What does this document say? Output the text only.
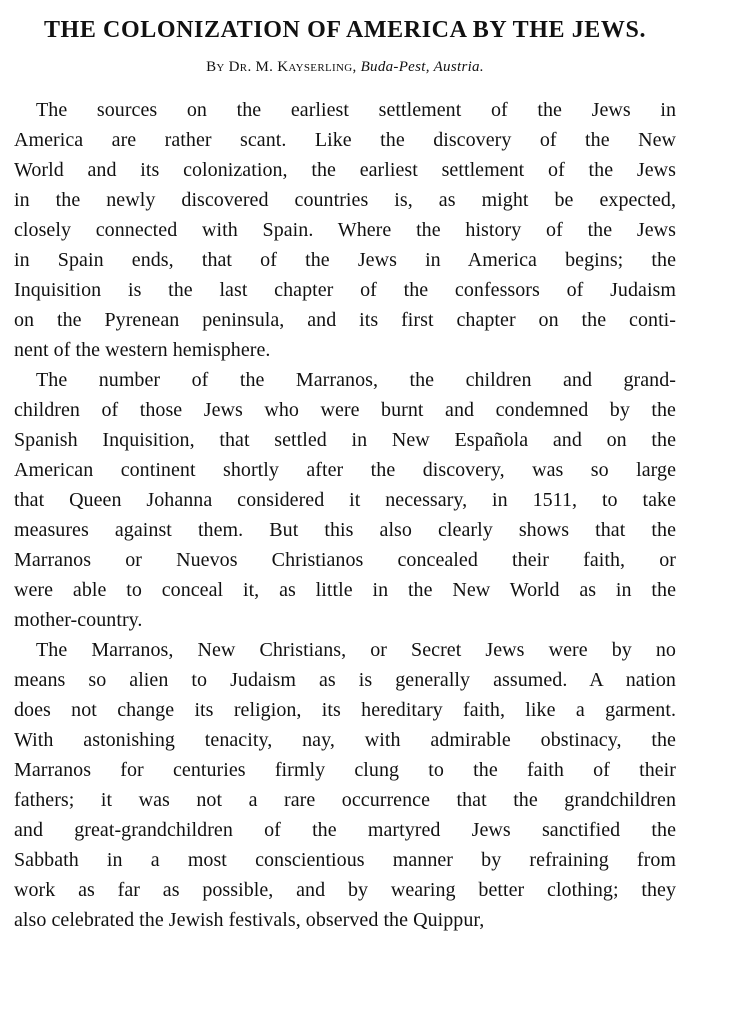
THE COLONIZATION OF AMERICA BY THE JEWS.

By Dr. M. Kayserling, Buda-Pest, Austria.

The sources on the earliest settlement of the Jews in
America are rather scant. Like the discovery of the New
World and its colonization, the earliest settlement of the Jews
in the newly discovered countries is, as might be expected,
closely connected with Spain. Where the history of the Jews
in Spain ends, that of the Jews in America begins; the
Inquisition is the last chapter of the confessors of Judaism
on the Pyrenean peninsula, and its first chapter on the conti-
nent of the western hemisphere.

The number of the Marranos, the children and grand-
children of those Jews who were burnt and condemned by the
Spanish Inquisition, that settled in New Española and on the
American continent shortly after the discovery, was so large
that Queen Johanna considered it necessary, in 1511, to take
measures against them. But this also clearly shows that the
Marranos or Nuevos Christianos concealed their faith, or
were able to conceal it, as little in the New World as in the
mother-country.

The Marranos, New Christians, or Secret Jews were by no
means so alien to Judaism as is generally assumed. A nation
does not change its religion, its hereditary faith, like a garment.
With astonishing tenacity, nay, with admirable obstinacy, the
Marranos for centuries firmly clung to the faith of their
fathers; it was not a rare occurrence that the grandchildren
and great-grandchildren of the martyred Jews sanctified the
Sabbath in a most conscientious manner by refraining from
work as far as possible, and by wearing better clothing; they
also celebrated the Jewish festivals, observed the Quippur,
